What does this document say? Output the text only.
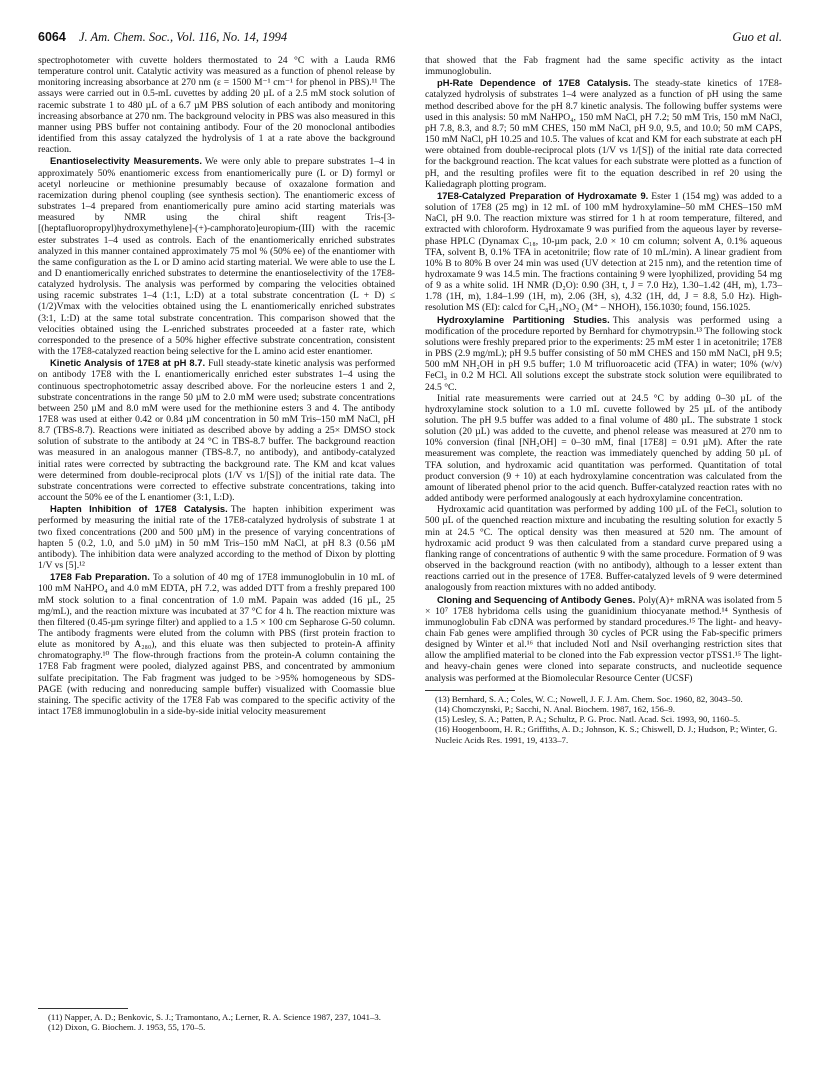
6064 J. Am. Chem. Soc., Vol. 116, No. 14, 1994	Guo et al.

spectrophotometer with cuvette holders thermostated to 24 °C with a Lauda RM6 temperature control unit. Catalytic activity was measured as a function of phenol release by monitoring increasing absorbance at 270 nm (ε = 1500 M⁻¹ cm⁻¹ for phenol in PBS).¹¹ The assays were carried out in 0.5-mL cuvettes by adding 20 µL of a 2.5 mM stock solution of racemic substrate 1 to 480 µL of a 6.7 µM PBS solution of each antibody and monitoring increasing absorbance at 270 nm. The background velocity in PBS was also measured in this manner using PBS buffer not containing antibody. Four of the 20 monoclonal antibodies identified from this assay catalyzed the hydrolysis of 1 at a rate above the background reaction.

Enantioselectivity Measurements. We were only able to prepare substrates 1–4 in approximately 50% enantiomeric excess from enantiomerically pure (L or D) formyl or acetyl norleucine or methionine presumably because of oxazalone formation and racemization during phenol coupling (see synthesis section). The enantiomeric excess of substrates 1–4 prepared from enantiomerically pure amino acid starting materials was measured by NMR using the chiral shift reagent Tris-[3-[(heptafluoropropyl)hydroxymethylene]-(+)-camphorato]europium-(III) with the racemic ester substrates 1–4 used as controls. Each of the enantiomerically enriched substrates analyzed in this manner contained approximately 75 mol % (50% ee) of the enantiomer with the same configuration as the L or D amino acid starting material. We were able to use the L and D enantiomerically enriched substrates to determine the enantioselectivity of the 17E8-catalyzed hydrolysis. The analysis was performed by comparing the velocities obtained using racemic substrates 1–4 (1:1, L:D) at a total substrate concentration (L + D) ≤ (1/2)Vmax with the velocities obtained using the L enantiomerically enriched substrates (3:1, L:D) at the same total substrate concentration. This comparison showed that the velocities obtained using the L-enriched substrates proceeded at a faster rate, which corresponded to the presence of a 50% higher effective substrate concentration, consistent with the 17E8-catalyzed reaction being selective for the L amino acid ester enantiomer.

Kinetic Analysis of 17E8 at pH 8.7. Full steady-state kinetic analysis was performed on antibody 17E8 with the L enantiomerically enriched ester substrates 1–4 using the continuous spectrophotometric assay described above. For the norleucine esters 1 and 2, substrate concentrations in the range 50 µM to 2.0 mM were used; substrate concentrations between 250 µM and 8.0 mM were used for the methionine esters 3 and 4. The antibody 17E8 was used at either 0.42 or 0.84 µM concentration in 50 mM Tris–150 mM NaCl, pH 8.7 (TBS-8.7). Reactions were initiated as described above by adding a 25× DMSO stock solution of substrate to the antibody at 24 °C in TBS-8.7 buffer. The background reaction was measured in an analogous manner (TBS-8.7, no antibody), and antibody-catalyzed initial rates were corrected by subtracting the background rate. The KM and kcat values were determined from double-reciprocal plots (1/V vs 1/[S]) of the initial rate data. The substrate concentrations were corrected to effective substrate concentrations, taking into account the 50% ee of the L enantiomer (3:1, L:D).

Hapten Inhibition of 17E8 Catalysis. The hapten inhibition experiment was performed by measuring the initial rate of the 17E8-catalyzed hydrolysis of substrate 1 at two fixed concentrations (200 and 500 µM) in the presence of varying concentrations of hapten 5 (0.2, 1.0, and 5.0 µM) in 50 mM Tris–150 mM NaCl, at pH 8.3 (0.56 µM antibody). The inhibition data were analyzed according to the method of Dixon by plotting 1/V vs [5].¹²

17E8 Fab Preparation. To a solution of 40 mg of 17E8 immunoglobulin in 10 mL of 100 mM NaHPO₄ and 4.0 mM EDTA, pH 7.2, was added DTT from a freshly prepared 100 mM stock solution to a final concentration of 1.0 mM. Papain was added (16 µL, 25 mg/mL), and the reaction mixture was incubated at 37 °C for 4 h. The reaction mixture was then filtered (0.45-µm syringe filter) and applied to a 1.5 × 100 cm Sepharose G-50 column. The antibody fragments were eluted from the column with PBS (first protein fraction to elute as monitored by A₂₈₀), and this eluate was then subjected to protein-A affinity chromatography.¹⁰ The flow-through fractions from the protein-A column containing the 17E8 Fab fragment were pooled, dialyzed against PBS, and concentrated by ammonium sulfate precipitation. The Fab fragment was judged to be >95% homogeneous by SDS-PAGE (with reducing and nonreducing sample buffer) visualized with Coomassie blue staining. The specific activity of the 17E8 Fab was compared to the specific activity of the intact 17E8 immunoglobulin in a side-by-side initial velocity measurement

(11) Napper, A. D.; Benkovic, S. J.; Tramontano, A.; Lerner, R. A. Science 1987, 237, 1041–3.

(12) Dixon, G. Biochem. J. 1953, 55, 170–5.

that showed that the Fab fragment had the same specific activity as the intact immunoglobulin.

pH-Rate Dependence of 17E8 Catalysis. The steady-state kinetics of 17E8-catalyzed hydrolysis of substrates 1–4 were analyzed as a function of pH using the same method described above for the pH 8.7 kinetic analysis. The following buffer systems were used in this analysis: 50 mM NaHPO₄, 150 mM NaCl, pH 7.2; 50 mM Tris, 150 mM NaCl, pH 7.8, 8.3, and 8.7; 50 mM CHES, 150 mM NaCl, pH 9.0, 9.5, and 10.0; 50 mM CAPS, 150 mM NaCl, pH 10.25 and 10.5. The values of kcat and KM for each substrate at each pH were obtained from double-reciprocal plots (1/V vs 1/[S]) of the initial rate data corrected for the background reaction. The kcat values for each substrate were plotted as a function of pH, and the resulting profiles were fit to the equation described in ref 20 using the Kaliedagraph plotting program.

17E8-Catalyzed Preparation of Hydroxamate 9. Ester 1 (154 mg) was added to a solution of 17E8 (25 mg) in 12 mL of 100 mM hydroxylamine–50 mM CHES–150 mM NaCl, pH 9.0. The reaction mixture was stirred for 1 h at room temperature, filtered, and extracted with chloroform. Hydroxamate 9 was purified from the aqueous layer by reverse-phase HPLC (Dynamax C₁₈, 10-µm pack, 2.0 × 10 cm column; solvent A, 0.1% aqueous TFA, solvent B, 0.1% TFA in acetonitrile; flow rate of 10 mL/min). A linear gradient from 10% B to 80% B over 24 min was used (UV detection at 215 nm), and the retention time of hydroxamate 9 was 14.5 min. The fractions containing 9 were lyophilized, providing 54 mg of 9 as a white solid. 1H NMR (D₂O): 0.90 (3H, t, J = 7.0 Hz), 1.30–1.42 (4H, m), 1.73–1.78 (1H, m), 1.84–1.99 (1H, m), 2.06 (3H, s), 4.32 (1H, dd, J = 8.8, 5.0 Hz). High-resolution MS (EI): calcd for C₈H₁₄NO₂ (M⁺ – NHOH), 156.1030; found, 156.1025.

Hydroxylamine Partitioning Studies. This analysis was performed using a modification of the procedure reported by Bernhard for chymotrypsin.¹³ The following stock solutions were freshly prepared prior to the experiments: 25 mM ester 1 in acetonitrile; 17E8 in PBS (2.9 mg/mL); pH 9.5 buffer consisting of 50 mM CHES and 150 mM NaCl, pH 9.5; 500 mM NH₂OH in pH 9.5 buffer; 1.0 M trifluoroacetic acid (TFA) in water; 10% (w/v) FeCl₃ in 0.2 M HCl. All solutions except the substrate stock solution were equilibrated to 24.5 °C.

Initial rate measurements were carried out at 24.5 °C by adding 0–30 µL of the hydroxylamine stock solution to a 1.0 mL cuvette followed by 25 µL of the antibody solution. The pH 9.5 buffer was added to a final volume of 480 µL. The substrate 1 stock solution (20 µL) was added to the cuvette, and phenol release was measured at 270 nm to 10% conversion (final [NH₂OH] = 0–30 mM, final [17E8] = 0.91 µM). After the rate measurement was complete, the reaction was immediately quenched by adding 50 µL of TFA solution, and hydroxamic acid quantitation was performed. Quantitation of total product conversion (9 + 10) at each hydroxylamine concentration was calculated from the amount of liberated phenol prior to the acid quench. Buffer-catalyzed reaction rates with no added antibody were performed analogously at each hydroxylamine concentration.

Hydroxamic acid quantitation was performed by adding 100 µL of the FeCl₃ solution to 500 µL of the quenched reaction mixture and incubating the resulting solution for exactly 5 min at 24.5 °C. The optical density was then measured at 520 nm. The amount of hydroxamic acid product 9 was then calculated from a standard curve prepared using a flanking range of concentrations of authentic 9 with the same procedure. Formation of 9 was observed in the background reaction (with no antibody), although to a lesser extent than reactions carried out in the presence of 17E8. Buffer-catalyzed levels of 9 were determined analogously from reaction mixtures with no added antibody.

Cloning and Sequencing of Antibody Genes. Poly(A)+ mRNA was isolated from 5 × 10⁷ 17E8 hybridoma cells using the guanidinium thiocyanate method.¹⁴ Synthesis of immunoglobulin Fab cDNA was performed by standard procedures.¹⁵ The light- and heavy-chain Fab genes were amplified through 30 cycles of PCR using the Fab-specific primers designed by Winter et al.¹⁶ that included NotI and NsiI overhanging restriction sites that allow the amplified material to be cloned into the Fab expression vector pTSS1.¹⁵ The light- and heavy-chain genes were cloned into separate constructs, and nucleotide sequence analysis was performed at the Biomolecular Resource Center (UCSF)

(13) Bernhard, S. A.; Coles, W. C.; Nowell, J. F. J. Am. Chem. Soc. 1960, 82, 3043–50.

(14) Chomczynski, P.; Sacchi, N. Anal. Biochem. 1987, 162, 156–9.

(15) Lesley, S. A.; Patten, P. A.; Schultz, P. G. Proc. Natl. Acad. Sci. 1993, 90, 1160–5.

(16) Hoogenboom, H. R.; Griffiths, A. D.; Johnson, K. S.; Chiswell, D. J.; Hudson, P.; Winter, G. Nucleic Acids Res. 1991, 19, 4133–7.
